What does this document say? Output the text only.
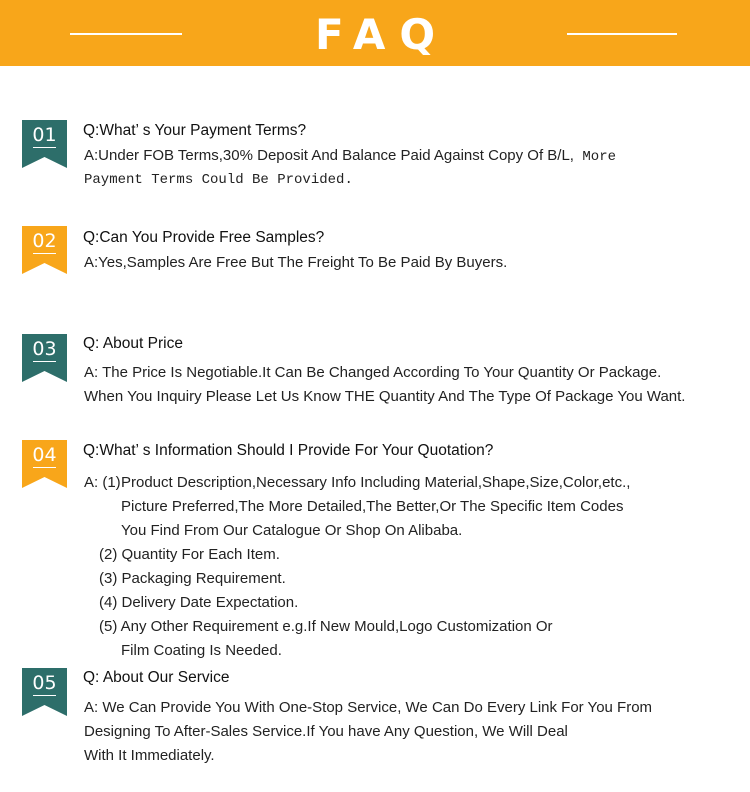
FAQ
01	Q:What’ s Your Payment Terms?
A:Under FOB Terms,30% Deposit And Balance Paid Against Copy Of B/L, More
Payment Terms Could Be Provided.
02	Q:Can You Provide Free Samples?
A:Yes,Samples Are Free But The Freight To Be Paid By Buyers.
03	Q: About Price
A: The Price Is Negotiable.It Can Be Changed According To Your Quantity Or Package.
When You Inquiry Please Let Us Know THE Quantity And The Type Of Package You Want.
04	Q:What’ s Information Should I Provide For Your Quotation?
A: (1) Product Description,Necessary Info Including Material,Shape,Size,Color,etc.,
Picture Preferred,The More Detailed,The Better,Or The Specific Item Codes
You Find From Our Catalogue Or Shop On Alibaba.
(2) Quantity For Each Item.
(3) Packaging Requirement.
(4) Delivery Date Expectation.
(5) Any Other Requirement e.g.If New Mould,Logo Customization Or
Film Coating Is Needed.
05	Q: About Our Service
A: We Can Provide You With One-Stop Service, We Can Do Every Link For You From
Designing To After-Sales Service.If You have Any Question, We Will Deal
With It Immediately.
